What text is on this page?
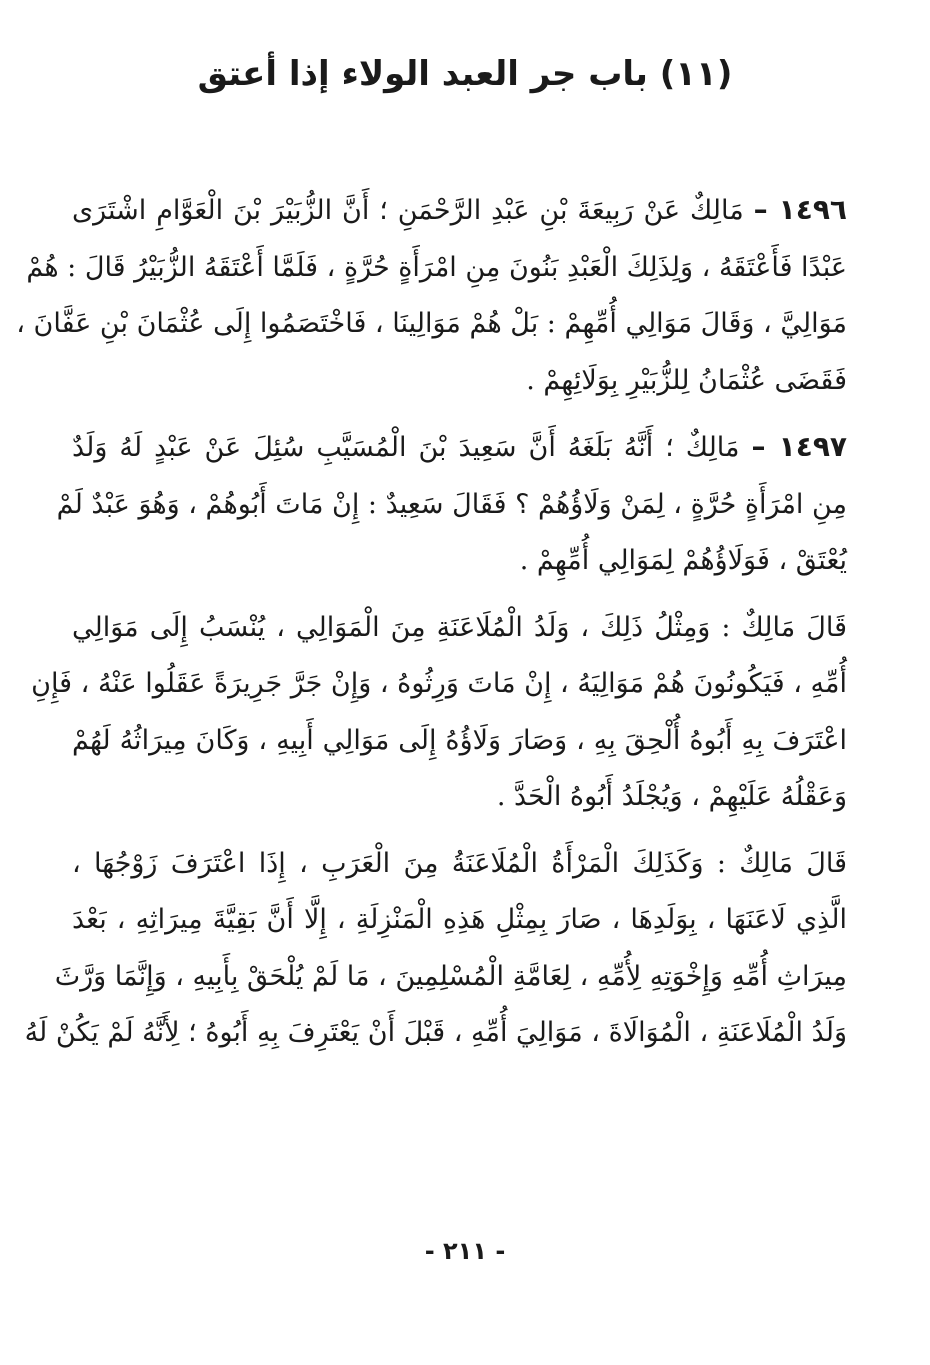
(١١) باب جر العبد الولاء إذا أعتق
١٤٩٦ – مَالِكٌ عَنْ رَبِيعَةَ بْنِ عَبْدِ الرَّحْمَنِ ؛ أَنَّ الزُّبَيْرَ بْنَ الْعَوَّامِ اشْتَرَى
عَبْدًا فَأَعْتَقَهُ ، وَلِذَلِكَ الْعَبْدِ بَنُونَ مِنِ امْرَأَةٍ حُرَّةٍ ، فَلَمَّا أَعْتَقَهُ الزُّبَيْرُ قَالَ : هُمْ
مَوَالِيَّ ، وَقَالَ مَوَالِي أُمِّهِمْ : بَلْ هُمْ مَوَالِينَا ، فَاخْتَصَمُوا إِلَى عُثْمَانَ بْنِ عَفَّانَ ،
فَقَضَى عُثْمَانُ لِلزُّبَيْرِ بِوَلَائِهِمْ .
١٤٩٧ – مَالِكٌ ؛ أَنَّهُ بَلَغَهُ أَنَّ سَعِيدَ بْنَ الْمُسَيَّبِ سُئِلَ عَنْ عَبْدٍ لَهُ وَلَدٌ
مِنِ امْرَأَةٍ حُرَّةٍ ، لِمَنْ وَلَاؤُهُمْ ؟ فَقَالَ سَعِيدٌ : إِنْ مَاتَ أَبُوهُمْ ، وَهُوَ عَبْدٌ لَمْ
يُعْتَقْ ، فَوَلَاؤُهُمْ لِمَوَالِي أُمِّهِمْ .
قَالَ مَالِكٌ : وَمِثْلُ ذَلِكَ ، وَلَدُ الْمُلَاعَنَةِ مِنَ الْمَوَالِي ، يُنْسَبُ إِلَى مَوَالِي
أُمِّهِ ، فَيَكُونُونَ هُمْ مَوَالِيَهُ ، إِنْ مَاتَ وَرِثُوهُ ، وَإِنْ جَرَّ جَرِيرَةً عَقَلُوا عَنْهُ ، فَإِنِ
اعْتَرَفَ بِهِ أَبُوهُ أُلْحِقَ بِهِ ، وَصَارَ وَلَاؤُهُ إِلَى مَوَالِي أَبِيهِ ، وَكَانَ مِيرَاثُهُ لَهُمْ
وَعَقْلُهُ عَلَيْهِمْ ، وَيُجْلَدُ أَبُوهُ الْحَدَّ .
قَالَ مَالِكٌ : وَكَذَلِكَ الْمَرْأَةُ الْمُلَاعَنَةُ مِنَ الْعَرَبِ ، إِذَا اعْتَرَفَ زَوْجُهَا ،
الَّذِي لَاعَنَهَا ، بِوَلَدِهَا ، صَارَ بِمِثْلِ هَذِهِ الْمَنْزِلَةِ ، إِلَّا أَنَّ بَقِيَّةَ مِيرَاثِهِ ، بَعْدَ
مِيرَاثِ أُمِّهِ وَإِخْوَتِهِ لِأُمِّهِ ، لِعَامَّةِ الْمُسْلِمِينَ ، مَا لَمْ يُلْحَقْ بِأَبِيهِ ، وَإِنَّمَا وَرَّثَ
وَلَدُ الْمُلَاعَنَةِ ، الْمُوَالَاةَ ، مَوَالِيَ أُمِّهِ ، قَبْلَ أَنْ يَعْتَرِفَ بِهِ أَبُوهُ ؛ لِأَنَّهُ لَمْ يَكُنْ لَهُ
- ٢١١ -
